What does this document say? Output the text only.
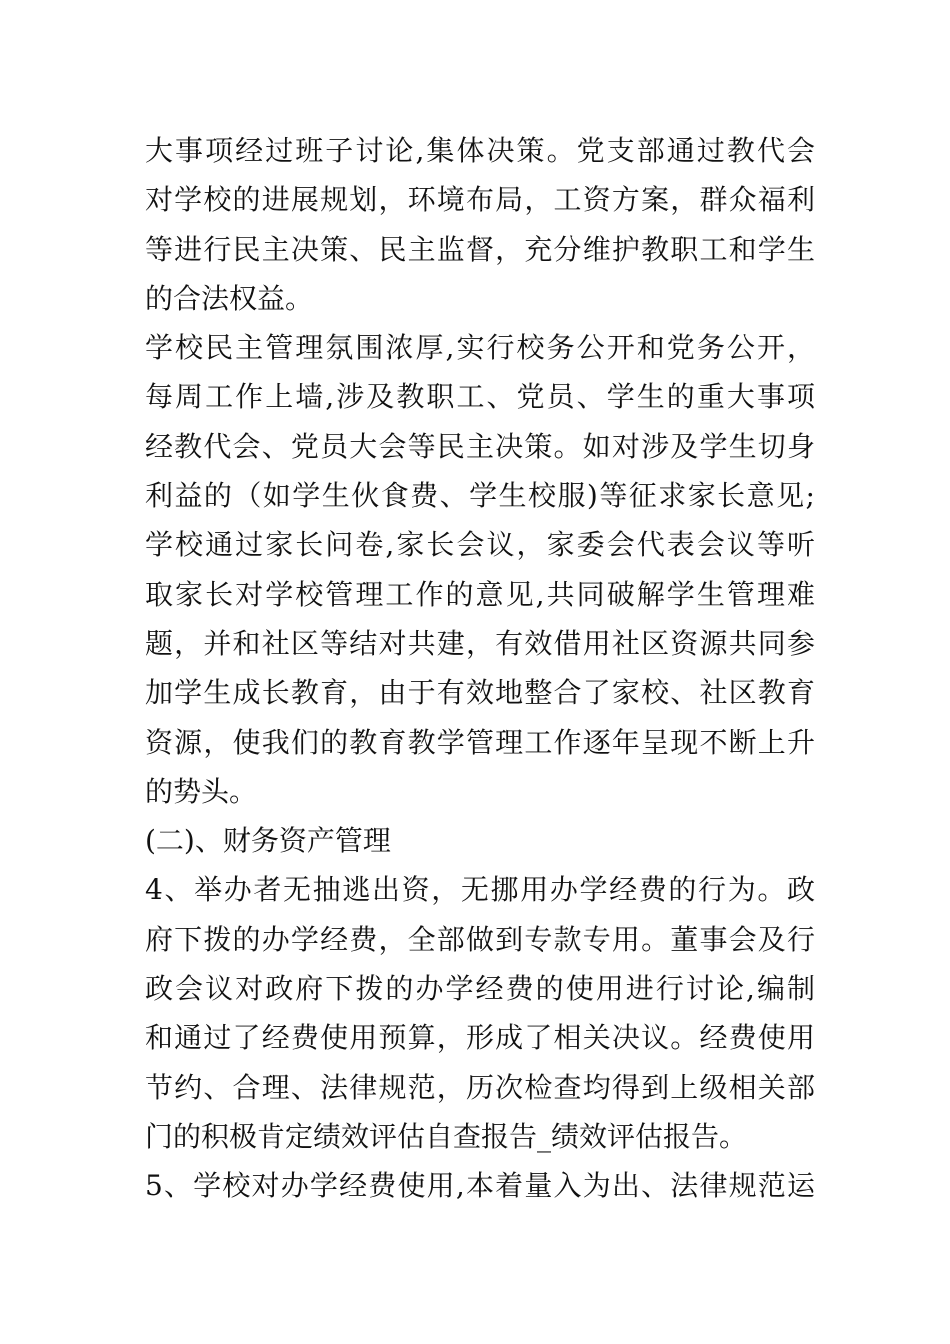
大事项经过班子讨论,集体决策。党支部通过教代会
对学校的进展规划，环境布局，工资方案，群众福利
等进行民主决策、民主监督，充分维护教职工和学生
的合法权益。
学校民主管理氛围浓厚,实行校务公开和党务公开，
每周工作上墙,涉及教职工、党员、学生的重大事项
经教代会、党员大会等民主决策。如对涉及学生切身
利益的（如学生伙食费、学生校服)等征求家长意见;
学校通过家长问卷,家长会议，家委会代表会议等听
取家长对学校管理工作的意见,共同破解学生管理难
题，并和社区等结对共建，有效借用社区资源共同参
加学生成长教育，由于有效地整合了家校、社区教育
资源，使我们的教育教学管理工作逐年呈现不断上升
的势头。
(二)、财务资产管理
4、举办者无抽逃出资，无挪用办学经费的行为。政
府下拨的办学经费，全部做到专款专用。董事会及行
政会议对政府下拨的办学经费的使用进行讨论,编制
和通过了经费使用预算，形成了相关决议。经费使用
节约、合理、法律规范，历次检查均得到上级相关部
门的积极肯定绩效评估自查报告_绩效评估报告。
5、学校对办学经费使用,本着量入为出、法律规范运
